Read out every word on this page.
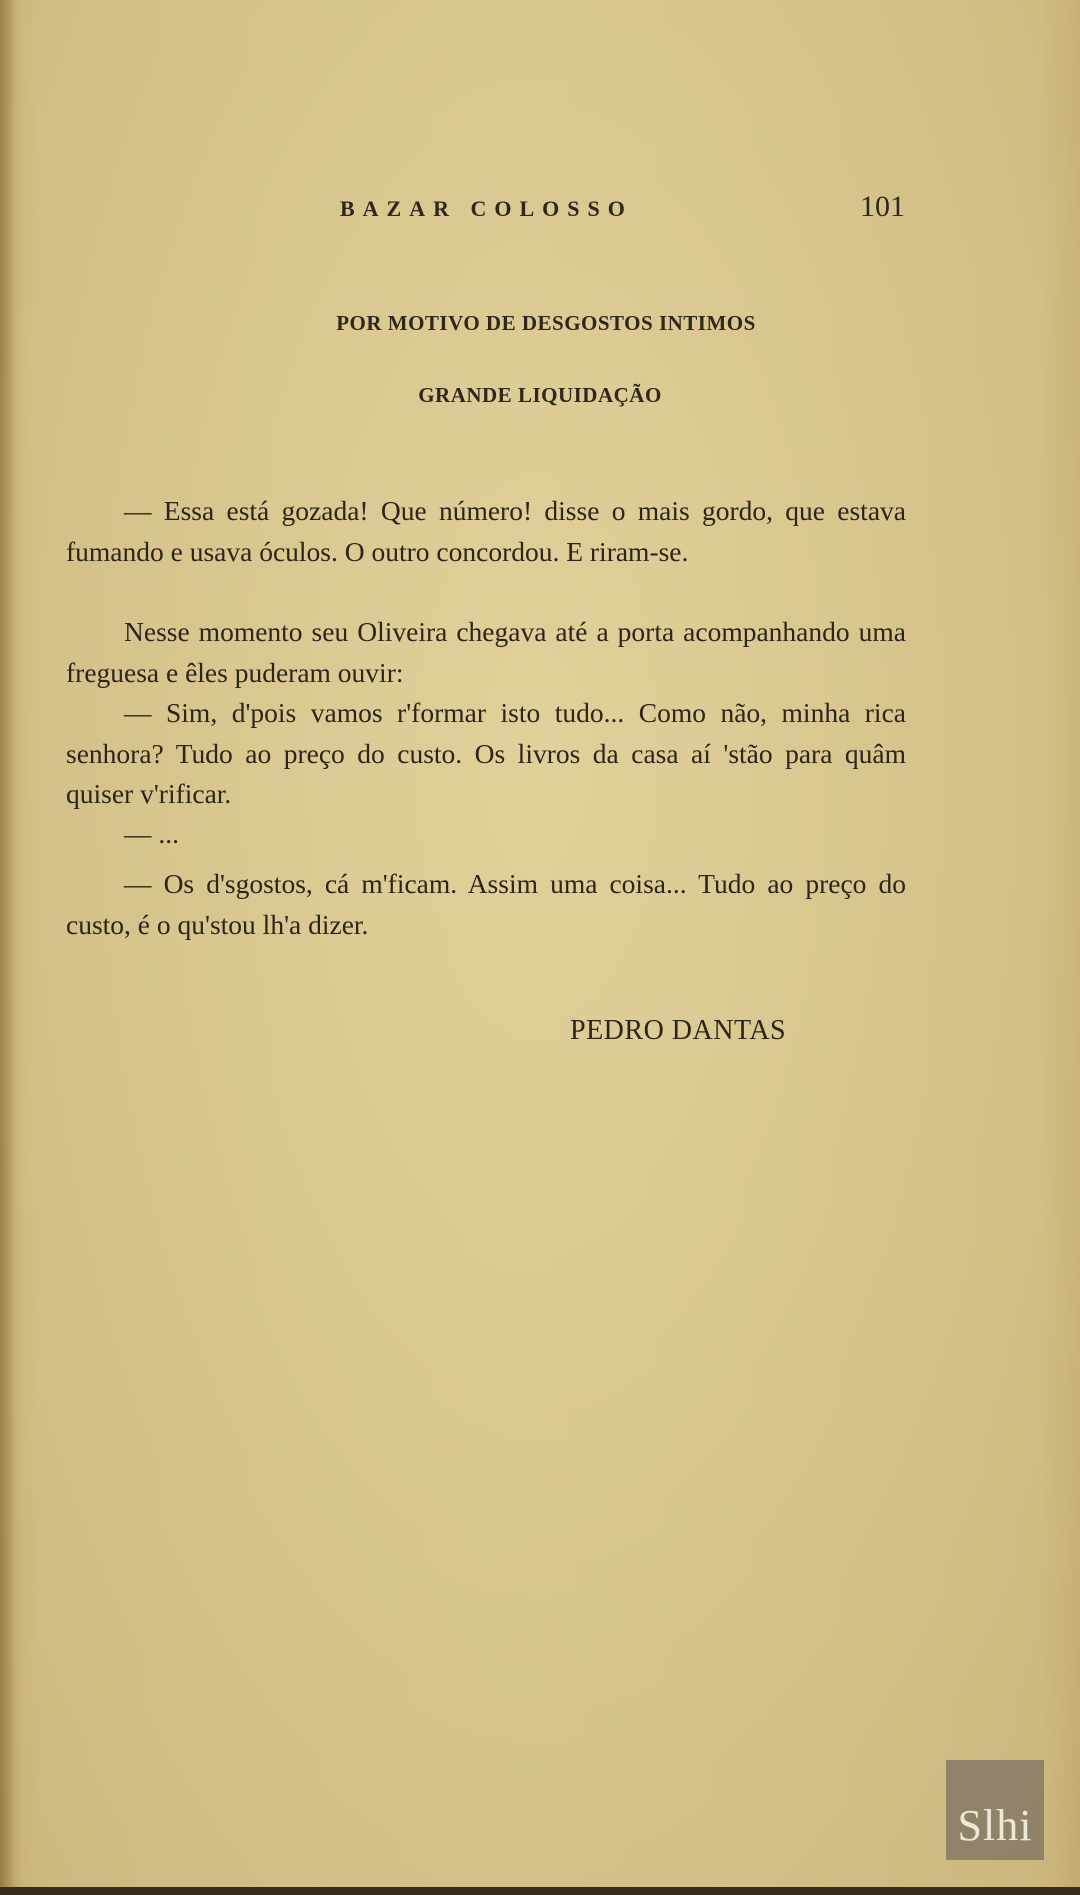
BAZAR COLOSSO	101
POR MOTIVO DE DESGOSTOS INTIMOS
GRANDE LIQUIDAÇÃO

— Essa está gozada! Que número! disse o mais gordo, que estava fumando e usava óculos. O outro concordou. E riram-se.

Nesse momento seu Oliveira chegava até a porta acompanhando uma freguesa e êles puderam ouvir:

— Sim, d'pois vamos r'formar isto tudo... Como não, minha rica senhora? Tudo ao preço do custo. Os livros da casa aí 'stão para quâm quiser v'rificar.

— ...

— Os d'sgostos, cá m'ficam. Assim uma coisa... Tudo ao preço do custo, é o qu'stou lh'a dizer.

PEDRO DANTAS
Slhi
